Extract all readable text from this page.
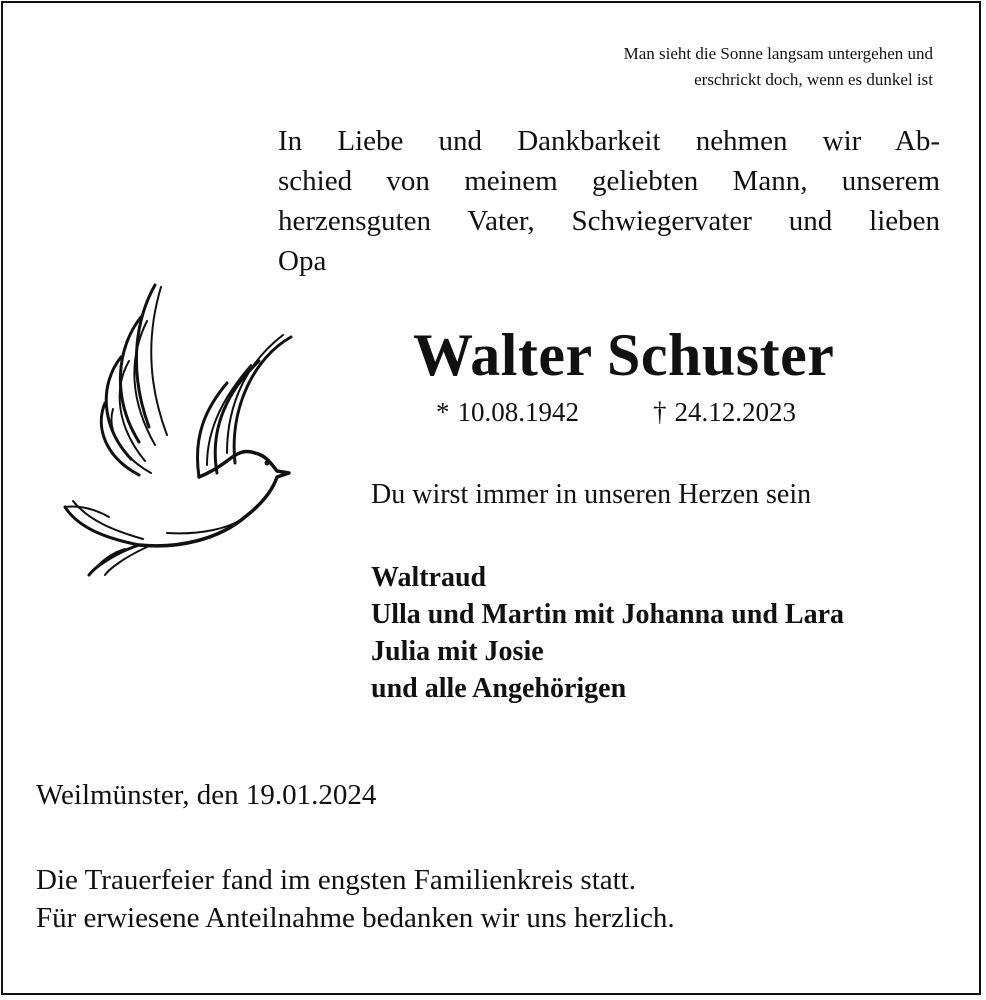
Man sieht die Sonne langsam untergehen und
erschrickt doch, wenn es dunkel ist
In Liebe und Dankbarkeit nehmen wir Ab-
schied von meinem geliebten Mann, unserem
herzensguten Vater, Schwiegervater und lieben
Opa
Walter Schuster
* 10.08.1942	† 24.12.2023
Du wirst immer in unseren Herzen sein
Waltraud
Ulla und Martin mit Johanna und Lara
Julia mit Josie
und alle Angehörigen
Weilmünster, den 19.01.2024
Die Trauerfeier fand im engsten Familienkreis statt.
Für erwiesene Anteilnahme bedanken wir uns herzlich.
